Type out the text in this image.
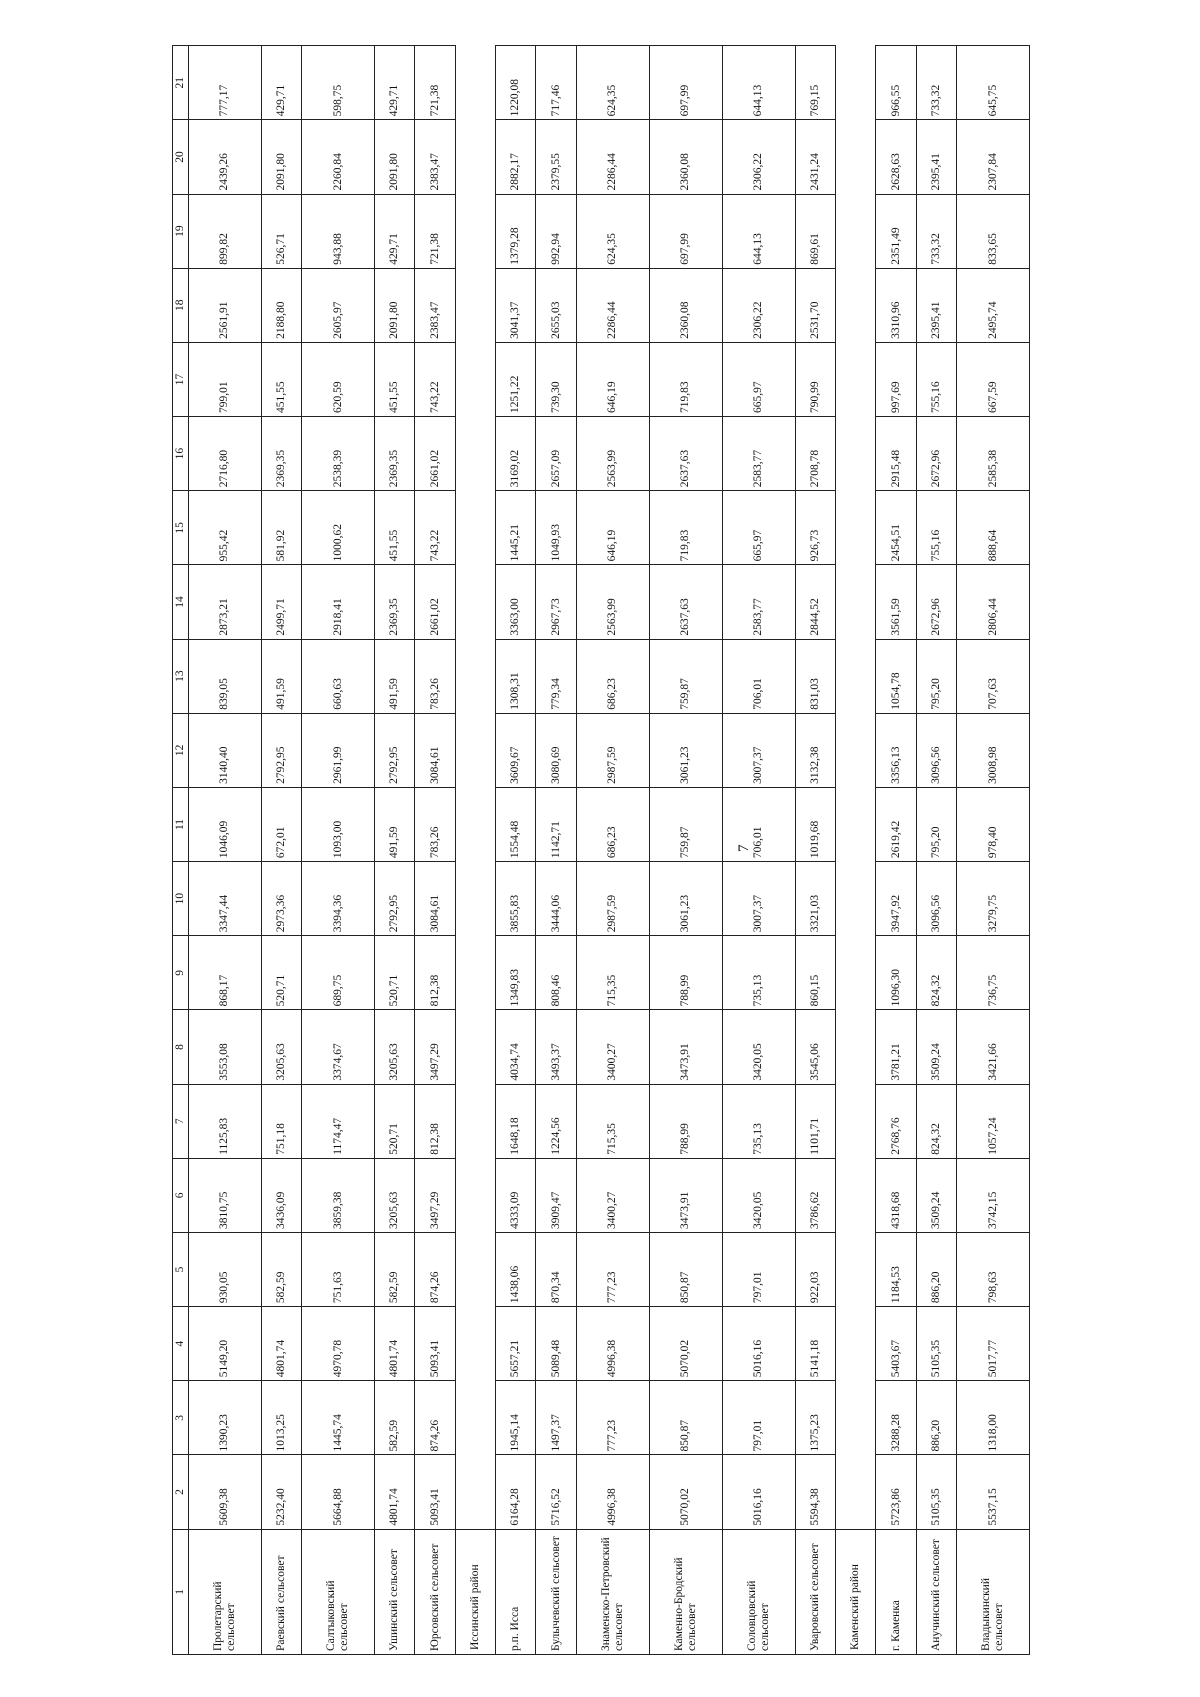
7
1	2	3	4	5	6	7	8	9	10	11	12	13	14	15	16	17	18	19	20	21
Пролетарский сельсовет	5609,38	1390,23	5149,20	930,05	3810,75	1125,83	3553,08	868,17	3347,44	1046,09	3140,40	839,05	2873,21	955,42	2716,80	799,01	2561,91	899,82	2439,26	777,17
Раевский сельсовет	5232,40	1013,25	4801,74	582,59	3436,09	751,18	3205,63	520,71	2973,36	672,01	2792,95	491,59	2499,71	581,92	2369,35	451,55	2188,80	526,71	2091,80	429,71
Салтыковский сельсовет	5664,88	1445,74	4970,78	751,63	3859,38	1174,47	3374,67	689,75	3394,36	1093,00	2961,99	660,63	2918,41	1000,62	2538,39	620,59	2605,97	943,88	2260,84	598,75
Ушинский сельсовет	4801,74	582,59	4801,74	582,59	3205,63	520,71	3205,63	520,71	2792,95	491,59	2792,95	491,59	2369,35	451,55	2369,35	451,55	2091,80	429,71	2091,80	429,71
Юрсовский сельсовет	5093,41	874,26	5093,41	874,26	3497,29	812,38	3497,29	812,38	3084,61	783,26	3084,61	783,26	2661,02	743,22	2661,02	743,22	2383,47	721,38	2383,47	721,38
Иссинский район																				
р.п. Исса	6164,28	1945,14	5657,21	1438,06	4333,09	1648,18	4034,74	1349,83	3855,83	1554,48	3609,67	1308,31	3363,00	1445,21	3169,02	1251,22	3041,37	1379,28	2882,17	1220,08
Булычевский сельсовет	5716,52	1497,37	5089,48	870,34	3909,47	1224,56	3493,37	808,46	3444,06	1142,71	3080,69	779,34	2967,73	1049,93	2657,09	739,30	2655,03	992,94	2379,55	717,46
Знаменско-Петровский сельсовет	4996,38	777,23	4996,38	777,23	3400,27	715,35	3400,27	715,35	2987,59	686,23	2987,59	686,23	2563,99	646,19	2563,99	646,19	2286,44	624,35	2286,44	624,35
Каменно-Бродский сельсовет	5070,02	850,87	5070,02	850,87	3473,91	788,99	3473,91	788,99	3061,23	759,87	3061,23	759,87	2637,63	719,83	2637,63	719,83	2360,08	697,99	2360,08	697,99
Соловцовский сельсовет	5016,16	797,01	5016,16	797,01	3420,05	735,13	3420,05	735,13	3007,37	706,01	3007,37	706,01	2583,77	665,97	2583,77	665,97	2306,22	644,13	2306,22	644,13
Уваровский сельсовет	5594,38	1375,23	5141,18	922,03	3786,62	1101,71	3545,06	860,15	3321,03	1019,68	3132,38	831,03	2844,52	926,73	2708,78	790,99	2531,70	869,61	2431,24	769,15
Каменский район																				
г. Каменка	5723,86	3288,28	5403,67	1184,53	4318,68	2768,76	3781,21	1096,30	3947,92	2619,42	3356,13	1054,78	3561,59	2454,51	2915,48	997,69	3310,96	2351,49	2628,63	966,55
Анучинский сельсовет	5105,35	886,20	5105,35	886,20	3509,24	824,32	3509,24	824,32	3096,56	795,20	3096,56	795,20	2672,96	755,16	2672,96	755,16	2395,41	733,32	2395,41	733,32
Владыкинский сельсовет	5537,15	1318,00	5017,77	798,63	3742,15	1057,24	3421,66	736,75	3279,75	978,40	3008,98	707,63	2806,44	888,64	2585,38	667,59	2495,74	833,65	2307,84	645,75
